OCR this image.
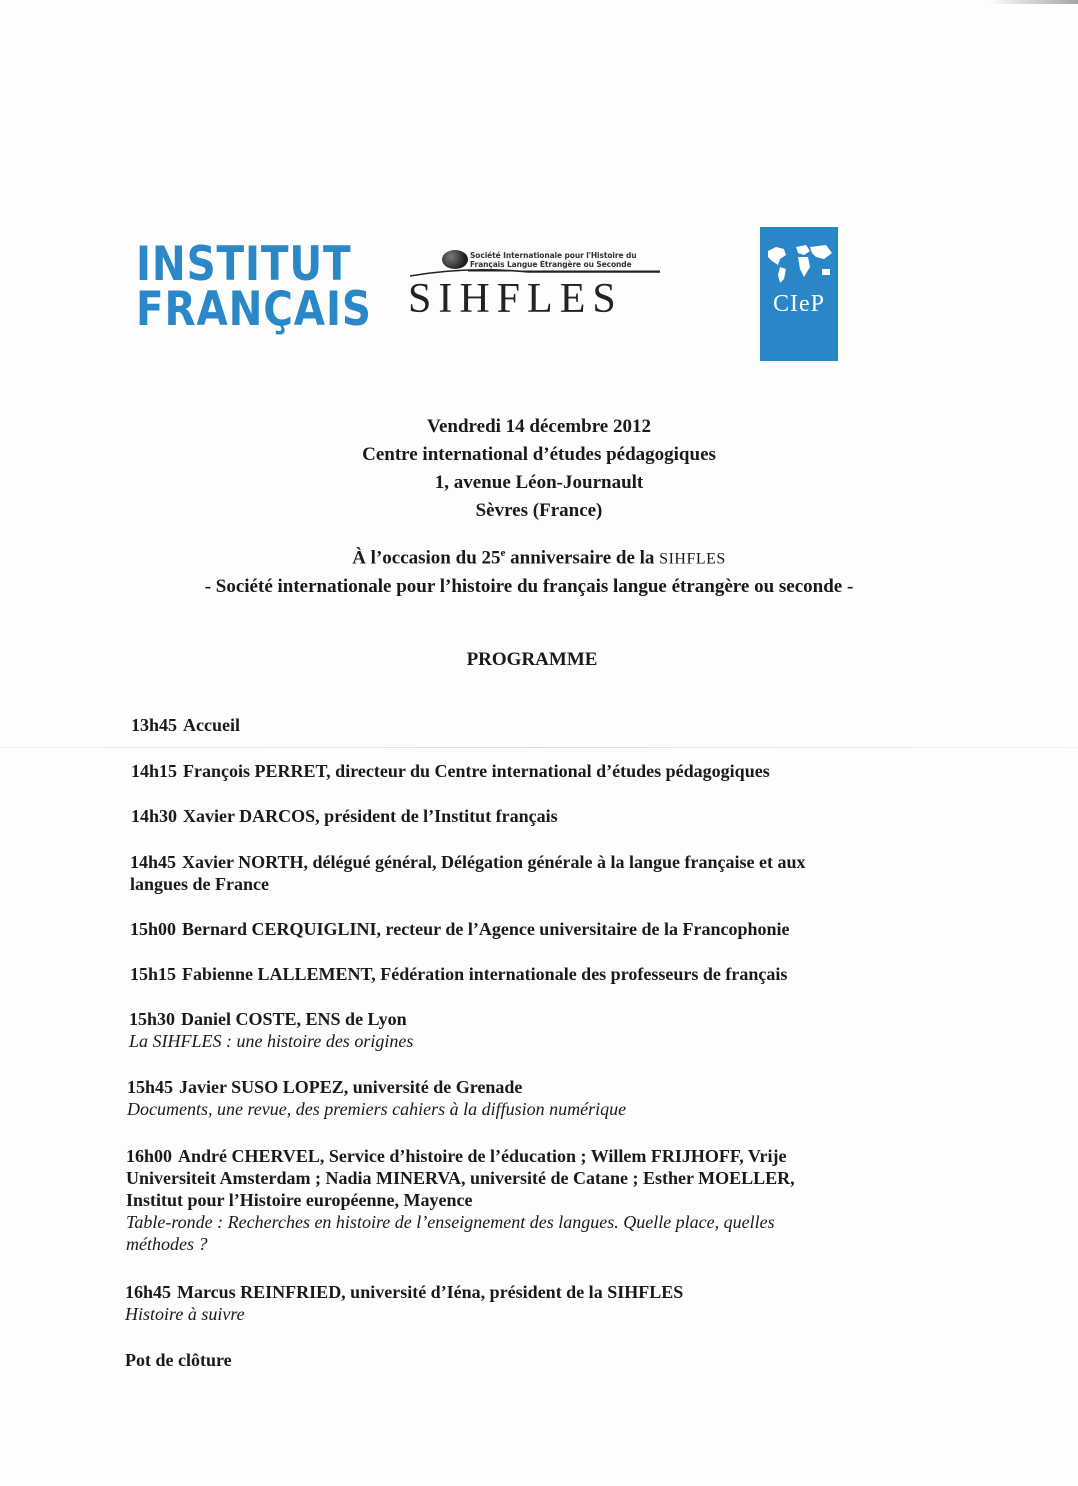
INSTITUT
FRANÇAIS
Société Internationale pour l'Histoire du
Français Langue Etrangère ou Seconde
SIHFLES	CIeP
Vendredi 14 décembre 2012
Centre international d’études pédagogiques
1, avenue Léon-Journault
Sèvres (France)
À l’occasion du 25e anniversaire de la SIHFLES
- Société internationale pour l’histoire du français langue étrangère ou seconde -
PROGRAMME
13h45 Accueil
14h15 François PERRET, directeur du Centre international d’études pédagogiques
14h30 Xavier DARCOS, président de l’Institut français
14h45 Xavier NORTH, délégué général, Délégation générale à la langue française et aux
langues de France
15h00 Bernard CERQUIGLINI, recteur de l’Agence universitaire de la Francophonie
15h15 Fabienne LALLEMENT, Fédération internationale des professeurs de français
15h30 Daniel COSTE, ENS de Lyon
La SIHFLES : une histoire des origines
15h45 Javier SUSO LOPEZ, université de Grenade
Documents, une revue, des premiers cahiers à la diffusion numérique
16h00 André CHERVEL, Service d’histoire de l’éducation ; Willem FRIJHOFF, Vrije
Universiteit Amsterdam ; Nadia MINERVA, université de Catane ; Esther MOELLER,
Institut pour l’Histoire européenne, Mayence
Table-ronde : Recherches en histoire de l’enseignement des langues. Quelle place, quelles
méthodes ?
16h45 Marcus REINFRIED, université d’Iéna, président de la SIHFLES
Histoire à suivre
Pot de clôture
